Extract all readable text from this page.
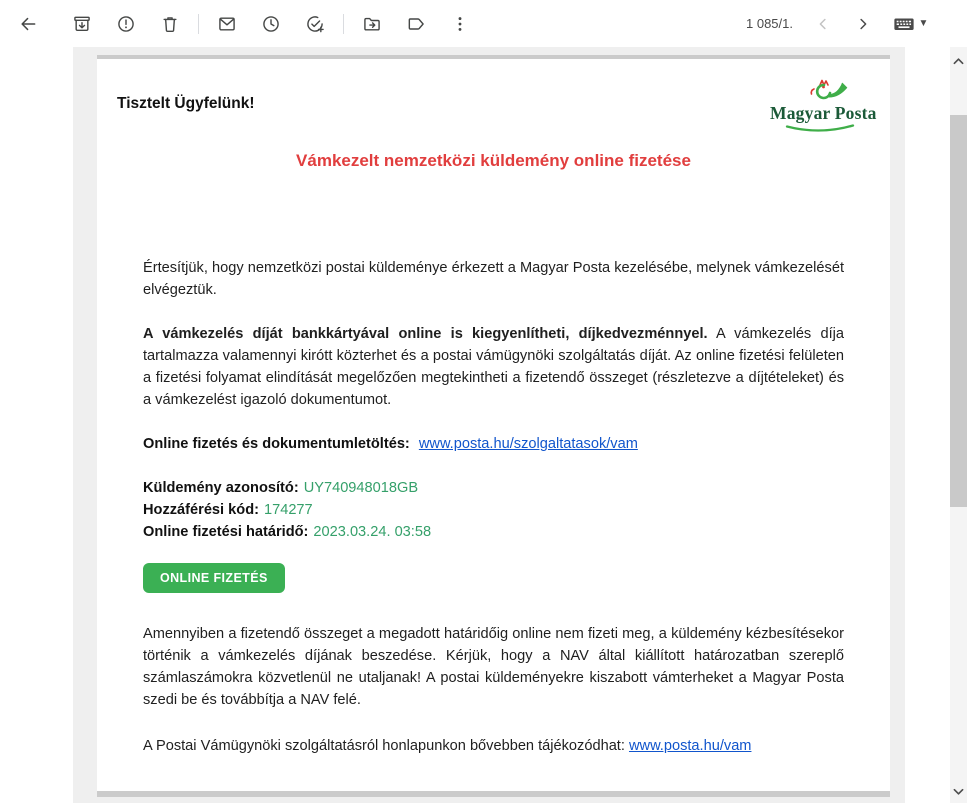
1 085/1.	▼
Tisztelt Ügyfelünk!	Magyar Posta
Vámkezelt nemzetközi küldemény online fizetése

Értesítjük, hogy nemzetközi postai küldeménye érkezett a Magyar Posta kezelésébe, melynek vámkezelését elvégeztük.

A vámkezelés díját bankkártyával online is kiegyenlítheti, díjkedvezménnyel. A vámkezelés díja tartalmazza valamennyi kirótt közterhet és a postai vámügynöki szolgáltatás díját. Az online fizetési felületen a fizetési folyamat elindítását megelőzően megtekintheti a fizetendő összeget (részletezve a díjtételeket) és a vámkezelést igazoló dokumentumot.

Online fizetés és dokumentumletöltés: www.posta.hu/szolgaltatasok/vam

Küldemény azonosító: UY740948018GB
Hozzáférési kód: 174277
Online fizetési határidő: 2023.03.24. 03:58
ONLINE FIZETÉS

Amennyiben a fizetendő összeget a megadott határidőig online nem fizeti meg, a küldemény kézbesítésekor történik a vámkezelés díjának beszedése. Kérjük, hogy a NAV által kiállított határozatban szereplő számlaszámokra közvetlenül ne utaljanak! A postai küldeményekre kiszabott vámterheket a Magyar Posta szedi be és továbbítja a NAV felé.

A Postai Vámügynöki szolgáltatásról honlapunkon bővebben tájékozódhat: www.posta.hu/vam
